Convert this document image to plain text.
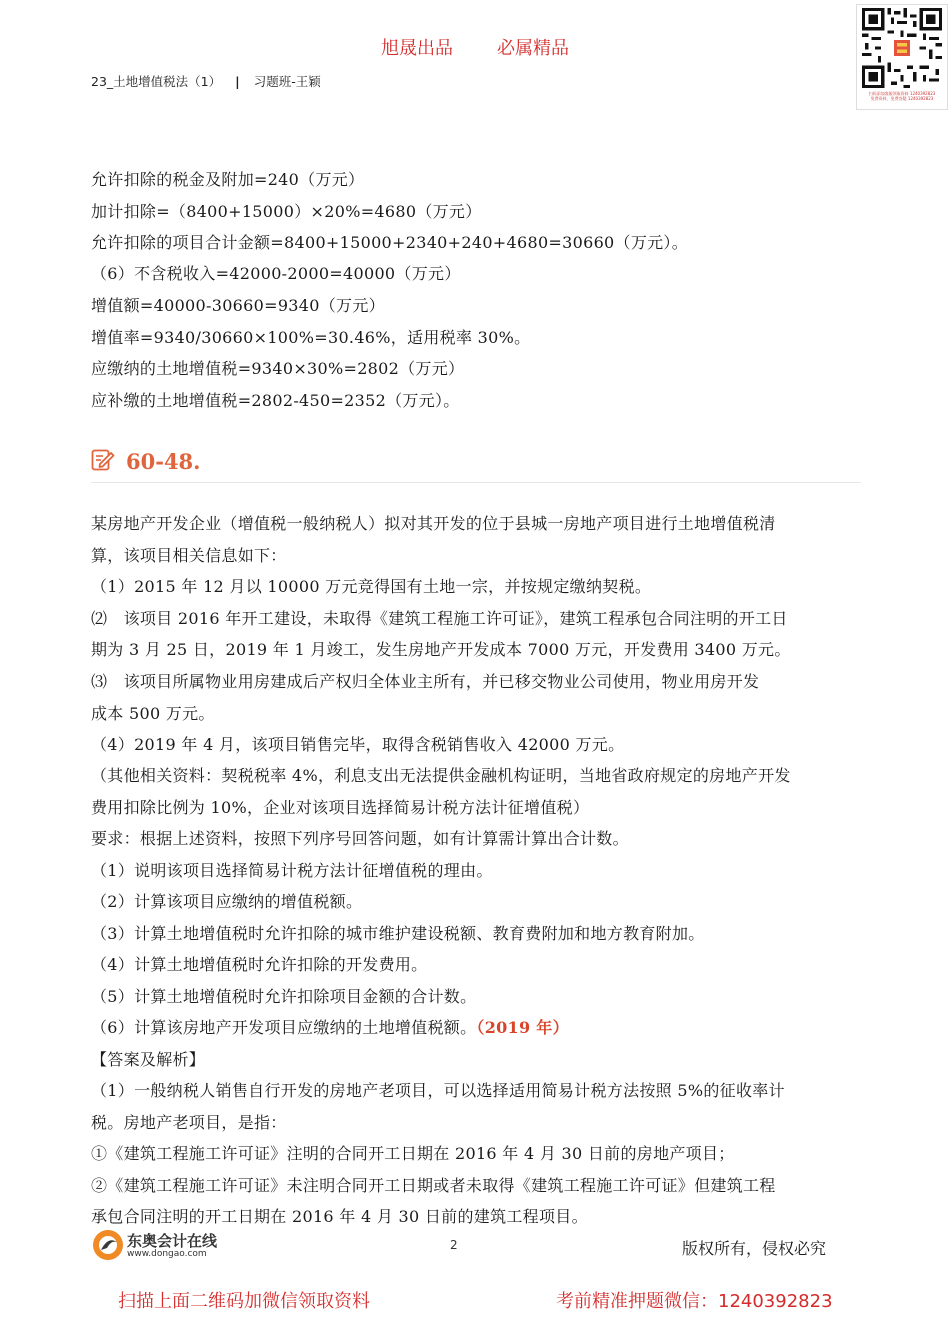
旭晟出品 必属精品
23_土地增值税法（1） | 习题班-王颖
扫码添加客服领取资料 1240392823
免费资料，免费答疑 1240392823
允许扣除的税金及附加=240（万元）
加计扣除=（8400+15000）×20%=4680（万元）
允许扣除的项目合计金额=8400+15000+2340+240+4680=30660（万元）。
（6）不含税收入=42000-2000=40000（万元）
增值额=40000-30660=9340（万元）
增值率=9340/30660×100%=30.46%，适用税率 30%。
应缴纳的土地增值税=9340×30%=2802（万元）
应补缴的土地增值税=2802-450=2352（万元）。
60-48.
某房地产开发企业（增值税一般纳税人）拟对其开发的位于县城一房地产项目进行土地增值税清
算，该项目相关信息如下：
（1）2015 年 12 月以 10000 万元竞得国有土地一宗，并按规定缴纳契税。
⑵　该项目 2016 年开工建设，未取得《建筑工程施工许可证》，建筑工程承包合同注明的开工日
期为 3 月 25 日，2019 年 1 月竣工，发生房地产开发成本 7000 万元，开发费用 3400 万元。
⑶　该项目所属物业用房建成后产权归全体业主所有，并已移交物业公司使用，物业用房开发
成本 500 万元。
（4）2019 年 4 月，该项目销售完毕，取得含税销售收入 42000 万元。
（其他相关资料：契税税率 4%，利息支出无法提供金融机构证明，当地省政府规定的房地产开发
费用扣除比例为 10%，企业对该项目选择简易计税方法计征增值税）
要求：根据上述资料，按照下列序号回答问题，如有计算需计算出合计数。
（1）说明该项目选择简易计税方法计征增值税的理由。
（2）计算该项目应缴纳的增值税额。
（3）计算土地增值税时允许扣除的城市维护建设税额、教育费附加和地方教育附加。
（4）计算土地增值税时允许扣除的开发费用。
（5）计算土地增值税时允许扣除项目金额的合计数。
（6）计算该房地产开发项目应缴纳的土地增值税额。（2019 年）
【答案及解析】
（1）一般纳税人销售自行开发的房地产老项目，可以选择适用简易计税方法按照 5%的征收率计
税。房地产老项目，是指：
①《建筑工程施工许可证》注明的合同开工日期在 2016 年 4 月 30 日前的房地产项目；
②《建筑工程施工许可证》未注明合同开工日期或者未取得《建筑工程施工许可证》但建筑工程
承包合同注明的开工日期在 2016 年 4 月 30 日前的建筑工程项目。
东奥会计在线
www.dongao.com
2	版权所有，侵权必究
扫描上面二维码加微信领取资料	考前精准押题微信：1240392823
